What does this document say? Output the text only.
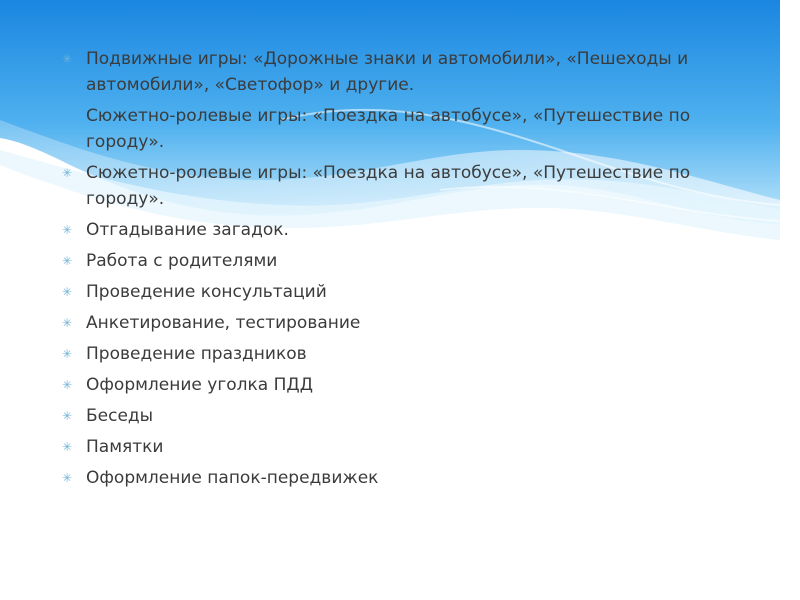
✳ Подвижные игры: «Дорожные знаки и автомобили», «Пешеходы и автомобили», «Светофор» и другие.
Сюжетно-ролевые игры: «Поездка на автобусе», «Путешествие по городу».
✳ Сюжетно-ролевые игры: «Поездка на автобусе», «Путешествие по городу».
✳ Отгадывание загадок.
✳ Работа с родителями
✳ Проведение консультаций
✳ Анкетирование, тестирование
✳ Проведение праздников
✳ Оформление уголка ПДД
✳ Беседы
✳ Памятки
✳ Оформление папок-передвижек
